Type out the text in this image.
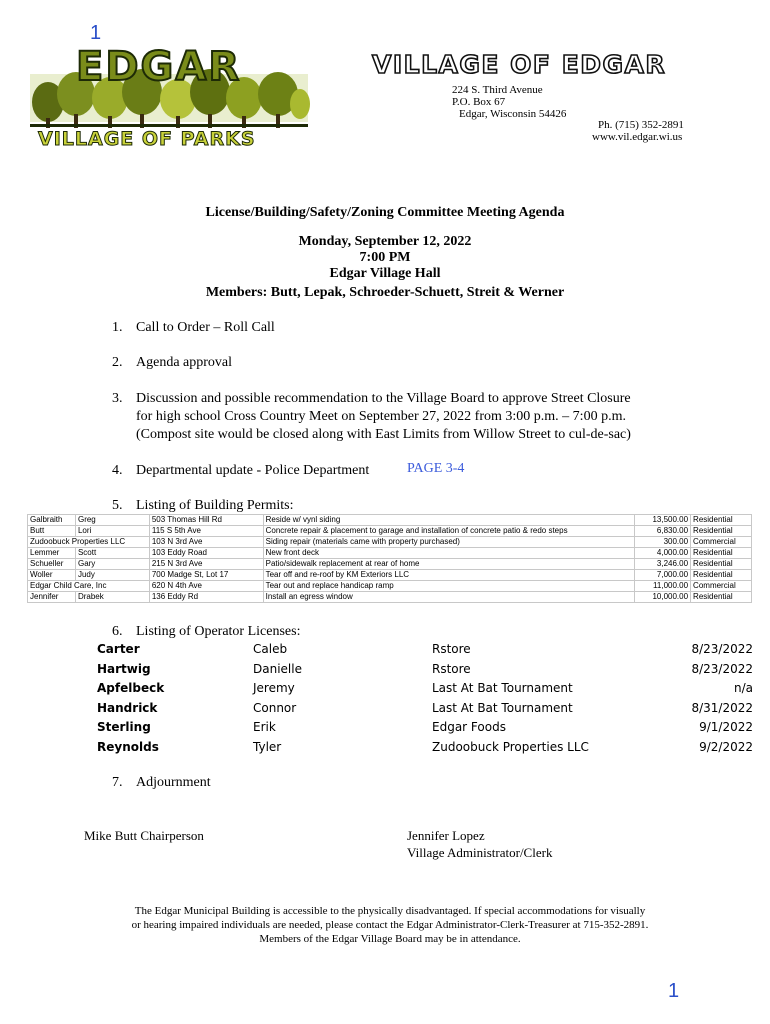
1
EDGAR
VILLAGE OF PARKS
VILLAGE OF EDGAR
224 S. Third Avenue
P.O. Box 67
Edgar, Wisconsin 54426
Ph. (715) 352-2891
www.vil.edgar.wi.us
License/Building/Safety/Zoning Committee Meeting Agenda
Monday, September 12, 2022
7:00 PM
Edgar Village Hall
Members: Butt, Lepak, Schroeder-Schuett, Streit & Werner
1. Call to Order – Roll Call
2. Agenda approval
3. Discussion and possible recommendation to the Village Board to approve Street Closure
for high school Cross Country Meet on September 27, 2022 from 3:00 p.m. – 7:00 p.m.
(Compost site would be closed along with East Limits from Willow Street to cul-de-sac)
4. Departmental update - Police Department	PAGE 3-4
5. Listing of Building Permits:
Galbraith	Greg	503 Thomas Hill Rd	Reside w/ vynl siding	13,500.00	Residential
Butt	Lori	115 S 5th Ave	Concrete repair & placement to garage and installation of concrete patio & redo steps	6,830.00	Residential
Zudoobuck Properties LLC		103 N 3rd Ave	Siding repair (materials came with property purchased)	300.00	Commercial
Lemmer	Scott	103 Eddy Road	New front deck	4,000.00	Residential
Schueller	Gary	215 N 3rd Ave	Patio/sidewalk replacement at rear of home	3,246.00	Residential
Woller	Judy	700 Madge St, Lot 17	Tear off and re-roof by KM Exteriors LLC	7,000.00	Residential
Edgar Child Care, Inc		620 N 4th Ave	Tear out and replace handicap ramp	11,000.00	Commercial
Jennifer	Drabek	136 Eddy Rd	Install an egress window	10,000.00	Residential
6. Listing of Operator Licenses:
Carter	Caleb	Rstore	8/23/2022
Hartwig	Danielle	Rstore	8/23/2022
Apfelbeck	Jeremy	Last At Bat Tournament	n/a
Handrick	Connor	Last At Bat Tournament	8/31/2022
Sterling	Erik	Edgar Foods	9/1/2022
Reynolds	Tyler	Zudoobuck Properties LLC	9/2/2022
7. Adjournment
Mike Butt Chairperson	Jennifer Lopez
Village Administrator/Clerk
The Edgar Municipal Building is accessible to the physically disadvantaged. If special accommodations for visually
or hearing impaired individuals are needed, please contact the Edgar Administrator-Clerk-Treasurer at 715-352-2891.
Members of the Edgar Village Board may be in attendance.
1
